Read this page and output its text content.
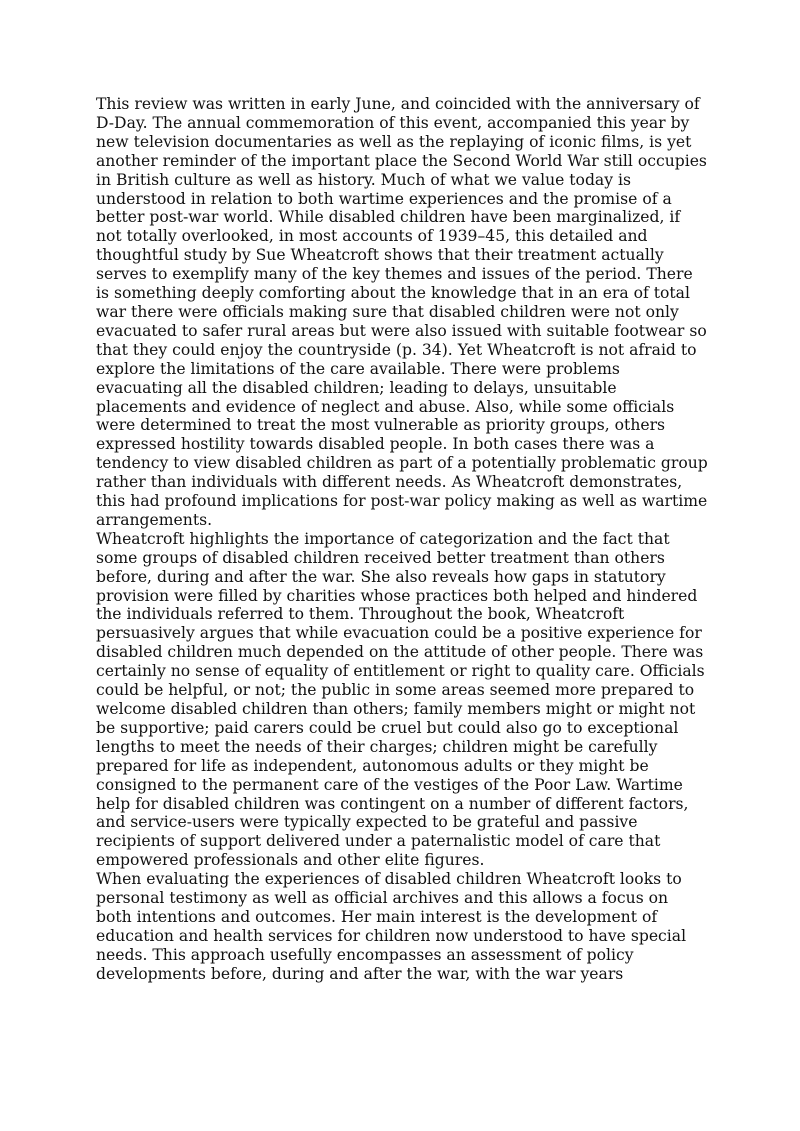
This review was written in early June, and coincided with the anniversary of D-Day. The annual commemoration of this event, accompanied this year by new television documentaries as well as the replaying of iconic films, is yet another reminder of the important place the Second World War still occupies in British culture as well as history. Much of what we value today is understood in relation to both wartime experiences and the promise of a better post-war world. While disabled children have been marginalized, if not totally overlooked, in most accounts of 1939–45, this detailed and thoughtful study by Sue Wheatcroft shows that their treatment actually serves to exemplify many of the key themes and issues of the period. There is something deeply comforting about the knowledge that in an era of total war there were officials making sure that disabled children were not only evacuated to safer rural areas but were also issued with suitable footwear so that they could enjoy the countryside (p. 34). Yet Wheatcroft is not afraid to explore the limitations of the care available. There were problems evacuating all the disabled children; leading to delays, unsuitable placements and evidence of neglect and abuse. Also, while some officials were determined to treat the most vulnerable as priority groups, others expressed hostility towards disabled people. In both cases there was a tendency to view disabled children as part of a potentially problematic group rather than individuals with different needs. As Wheatcroft demonstrates, this had profound implications for post-war policy making as well as wartime arrangements.

Wheatcroft highlights the importance of categorization and the fact that some groups of disabled children received better treatment than others before, during and after the war. She also reveals how gaps in statutory provision were filled by charities whose practices both helped and hindered the individuals referred to them. Throughout the book, Wheatcroft persuasively argues that while evacuation could be a positive experience for disabled children much depended on the attitude of other people. There was certainly no sense of equality of entitlement or right to quality care. Officials could be helpful, or not; the public in some areas seemed more prepared to welcome disabled children than others; family members might or might not be supportive; paid carers could be cruel but could also go to exceptional lengths to meet the needs of their charges; children might be carefully prepared for life as independent, autonomous adults or they might be consigned to the permanent care of the vestiges of the Poor Law. Wartime help for disabled children was contingent on a number of different factors, and service-users were typically expected to be grateful and passive recipients of support delivered under a paternalistic model of care that empowered professionals and other elite figures.

When evaluating the experiences of disabled children Wheatcroft looks to personal testimony as well as official archives and this allows a focus on both intentions and outcomes. Her main interest is the development of education and health services for children now understood to have special needs. This approach usefully encompasses an assessment of policy developments before, during and after the war, with the war years
